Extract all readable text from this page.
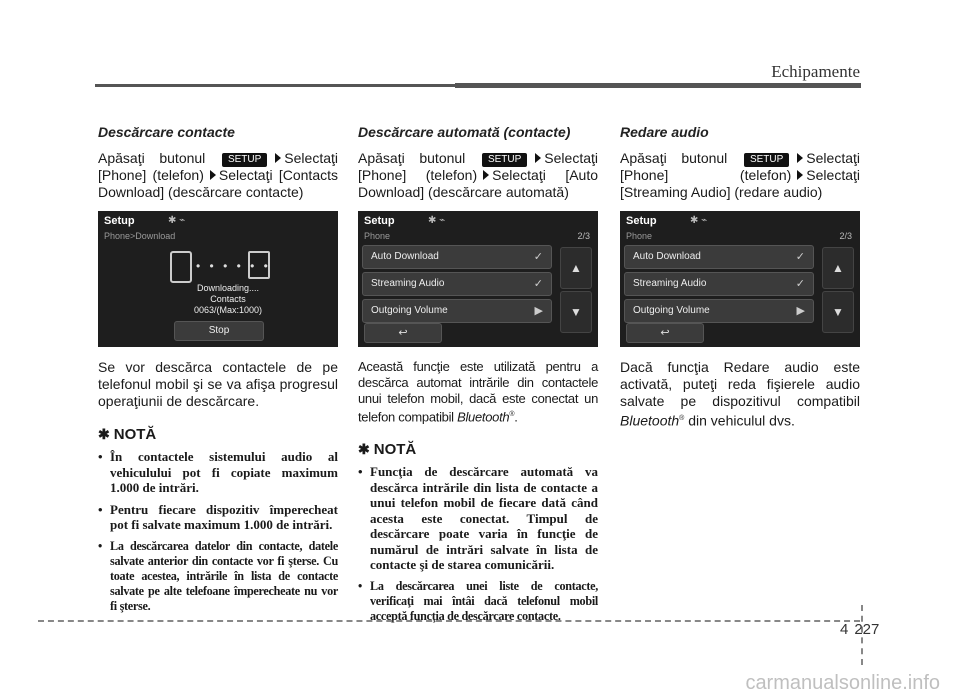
Echipamente
Descărcare contacte

Apăsaţi butonul SETUP Selectaţi [Phone] (telefon) Selectaţi [Contacts Download] (descărcare contacte)

Setup	✱ ⌁
Phone>Download
• • • • • •
Downloading....
Contacts
0063/(Max:1000)
Stop

Se vor descărca contactele de pe telefonul mobil şi se va afişa progresul operaţiunii de descărcare.

✱ NOTĂ
• În contactele sistemului audio al vehiculului pot fi copiate maximum 1.000 de intrări.
• Pentru fiecare dispozitiv împerecheat pot fi salvate maximum 1.000 de intrări.
• La descărcarea datelor din contacte, datele salvate anterior din contacte vor fi şterse. Cu toate acestea, intrările în lista de contacte salvate pe alte telefoane împerecheate nu vor fi şterse.
Descărcare automată (contacte)

Apăsaţi butonul SETUP Selectaţi [Phone] (telefon) Selectaţi [Auto Download] (descărcare automată)

Setup	✱ ⌁
Phone	2/3
Auto Download	✓
Streaming Audio	✓
Outgoing Volume	▶
▲
▼
↩

Această funcţie este utilizată pentru a descărca automat intrările din contactele unui telefon mobil, dacă este conectat un telefon compatibil Bluetooth®.

✱ NOTĂ
• Funcţia de descărcare automată va descărca intrările din lista de contacte a unui telefon mobil de fiecare dată când acesta este conectat. Timpul de descărcare poate varia în funcţie de numărul de intrări salvate în lista de contacte şi de starea comunicării.
• La descărcarea unei liste de contacte, verificaţi mai întâi dacă telefonul mobil acceptă funcţia de descărcare contacte.
Redare audio

Apăsaţi butonul SETUP Selectaţi [Phone] (telefon) Selectaţi [Streaming Audio] (redare audio)

Setup	✱ ⌁
Phone	2/3
Auto Download	✓
Streaming Audio	✓
Outgoing Volume	▶
▲
▼
↩

Dacă funcţia Redare audio este activată, puteţi reda fişierele audio salvate pe dispozitivul compatibil Bluetooth® din vehiculul dvs.

4 227
carmanualsonline.info
